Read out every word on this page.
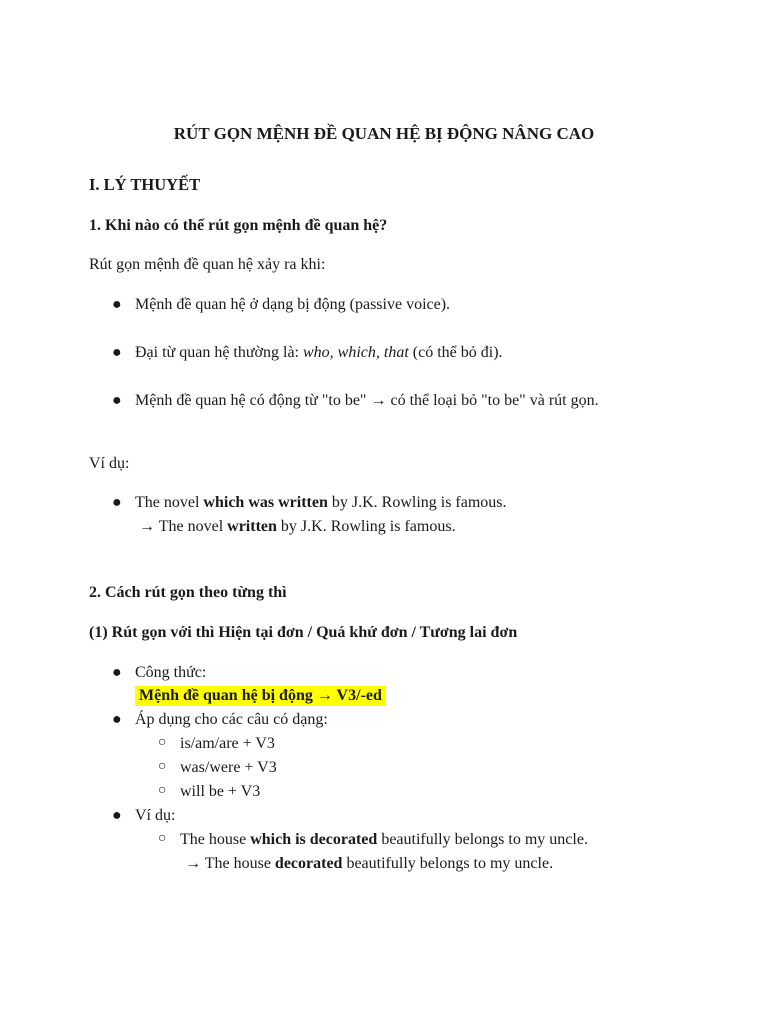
RÚT GỌN MỆNH ĐỀ QUAN HỆ BỊ ĐỘNG NÂNG CAO
I. LÝ THUYẾT
1. Khi nào có thể rút gọn mệnh đề quan hệ?
Rút gọn mệnh đề quan hệ xảy ra khi:
● Mệnh đề quan hệ ở dạng bị động (passive voice).
● Đại từ quan hệ thường là: who, which, that (có thể bỏ đi).
● Mệnh đề quan hệ có động từ "to be" → có thể loại bỏ "to be" và rút gọn.
Ví dụ:
● The novel which was written by J.K. Rowling is famous.
→ The novel written by J.K. Rowling is famous.
2. Cách rút gọn theo từng thì
(1) Rút gọn với thì Hiện tại đơn / Quá khứ đơn / Tương lai đơn
● Công thức:
Mệnh đề quan hệ bị động → V3/-ed
● Áp dụng cho các câu có dạng:
○ is/am/are + V3
○ was/were + V3
○ will be + V3
● Ví dụ:
○ The house which is decorated beautifully belongs to my uncle.
→ The house decorated beautifully belongs to my uncle.
